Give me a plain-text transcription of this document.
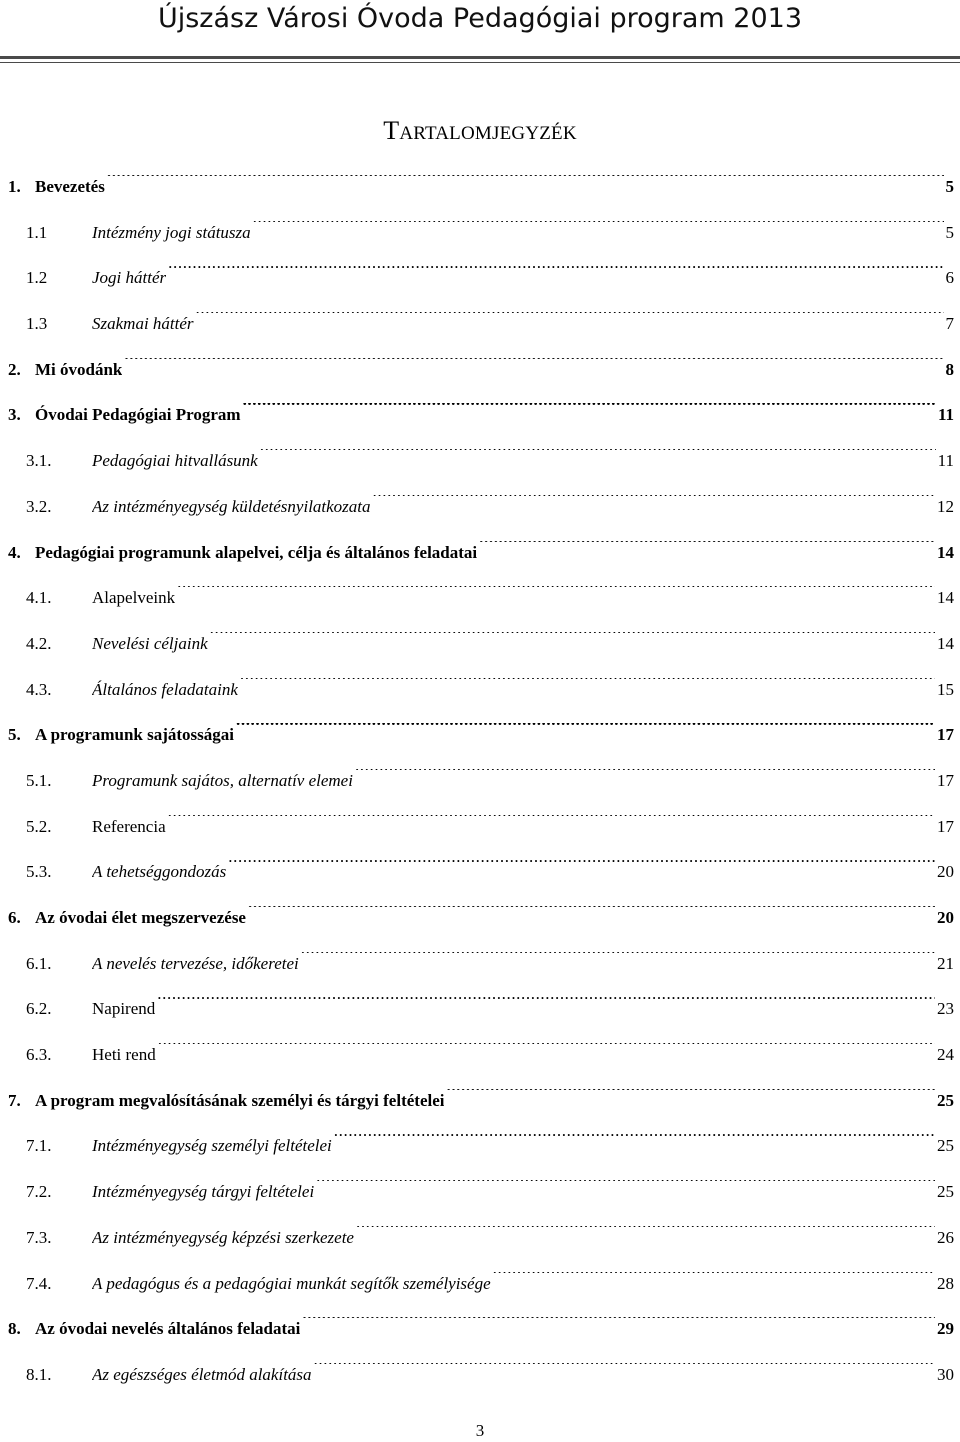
Újszász Városi Óvoda Pedagógiai program 2013
TARTALOMJEGYZÉK
1. Bevezetés .....	5
1.1	Intézmény jogi státusza .....	5
1.2	Jogi háttér .....	6
1.3	Szakmai háttér .....	7
2. Mi óvodánk .....	8
3. Óvodai Pedagógiai Program .....	11
3.1.	Pedagógiai hitvallásunk .....	11
3.2.	Az intézményegység küldetésnyilatkozata .....	12
4. Pedagógiai programunk alapelvei, célja és általános feladatai .....	14
4.1.	Alapelveink .....	14
4.2.	Nevelési céljaink .....	14
4.3.	Általános feladataink .....	15
5. A programunk sajátosságai .....	17
5.1.	Programunk sajátos, alternatív elemei .....	17
5.2.	Referencia .....	17
5.3.	A tehetséggondozás .....	20
6. Az óvodai élet megszervezése .....	20
6.1.	A nevelés tervezése, időkeretei .....	21
6.2.	Napirend .....	23
6.3.	Heti rend .....	24
7. A program megvalósításának személyi és tárgyi feltételei .....	25
7.1.	Intézményegység személyi feltételei .....	25
7.2.	Intézményegység tárgyi feltételei .....	25
7.3.	Az intézményegység képzési szerkezete .....	26
7.4.	A pedagógus és a pedagógiai munkát segítők személyisége .....	28
8. Az óvodai nevelés általános feladatai .....	29
8.1.	Az egészséges életmód alakítása .....	30
3
